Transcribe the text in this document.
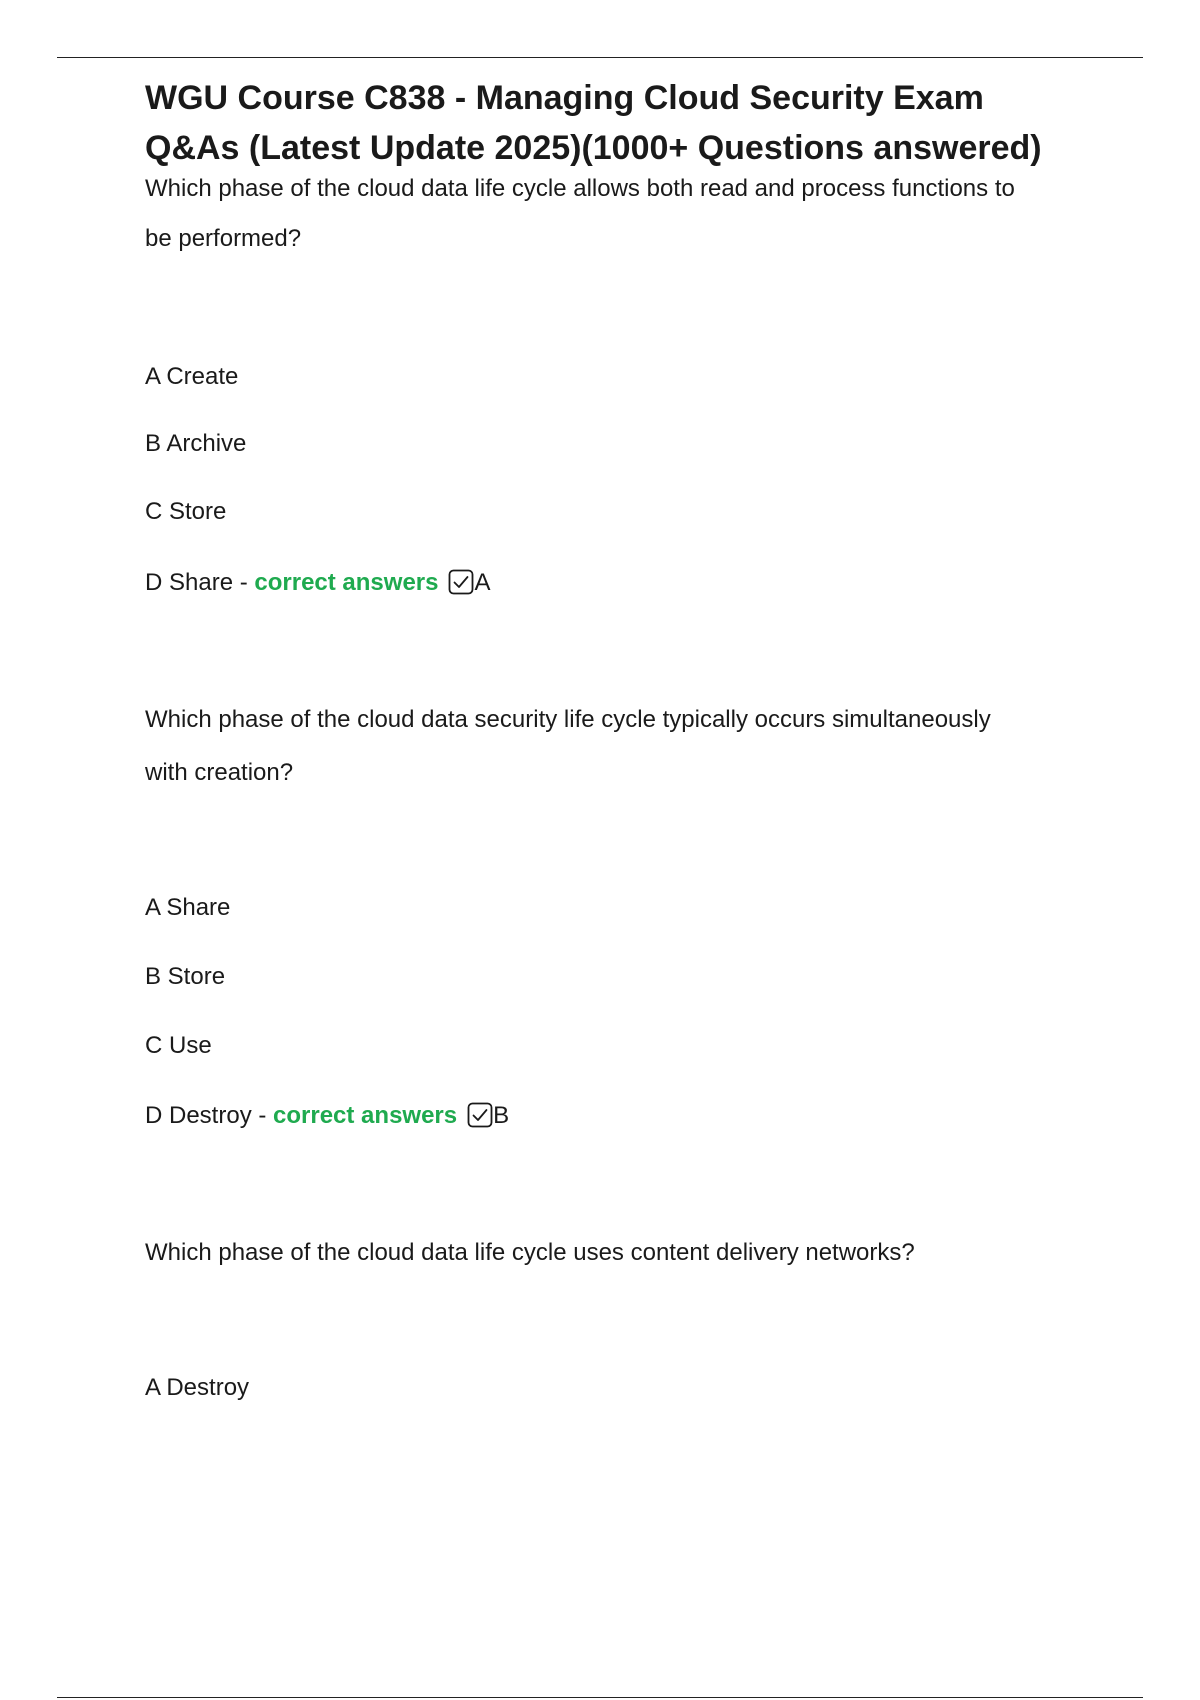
WGU Course C838 - Managing Cloud Security Exam
Q&As (Latest Update 2025)(1000+ Questions answered)
Which phase of the cloud data life cycle allows both read and process functions to
be performed?
A Create
B Archive
C Store
D Share - correct answers A
Which phase of the cloud data security life cycle typically occurs simultaneously
with creation?
A Share
B Store
C Use
D Destroy - correct answers B
Which phase of the cloud data life cycle uses content delivery networks?
A Destroy
